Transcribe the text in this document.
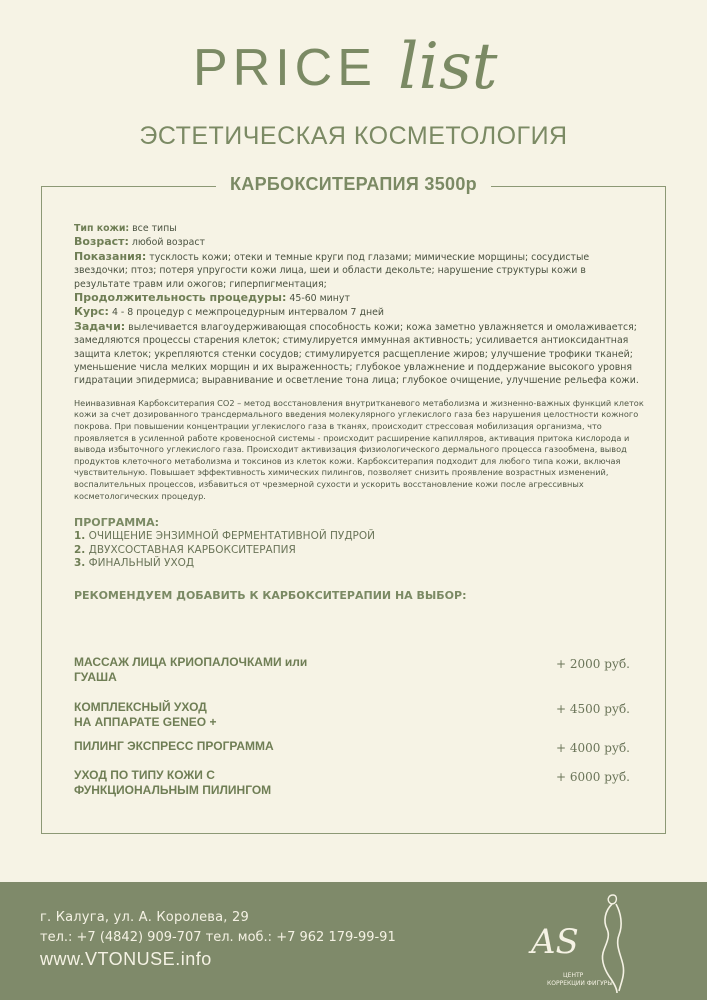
PRICE list
ЭСТЕТИЧЕСКАЯ КОСМЕТОЛОГИЯ
КАРБОКСИТЕРАПИЯ 3500р

Тип кожи: все типы

Возраст: любой возраст

Показания: тусклость кожи; отеки и темные круги под глазами; мимические морщины; сосудистые звездочки; птоз; потеря упругости кожи лица, шеи и области декольте; нарушение структуры кожи в результате травм или ожогов; гиперпигментация;

Продолжительность процедуры: 45-60 минут

Курс: 4 - 8 процедур с межпроцедурным интервалом 7 дней

Задачи: вылечивается влагоудерживающая способность кожи; кожа заметно увлажняется и омолаживается; замедляются процессы старения клеток; стимулируется иммунная активность; усиливается антиоксидантная защита клеток; укрепляются стенки сосудов; стимулируется расщепление жиров; улучшение трофики тканей; уменьшение числа мелких морщин и их выраженность; глубокое увлажнение и поддержание высокого уровня гидратации эпидермиса; выравнивание и осветление тона лица; глубокое очищение, улучшение рельефа кожи.

Неинвазивная Карбокситерапия CO2 – метод восстановления внутритканевого метаболизма и жизненно-важных функций клеток кожи за счет дозированного трансдермального введения молекулярного углекислого газа без нарушения целостности кожного покрова. При повышении концентрации углекислого газа в тканях, происходит стрессовая мобилизация организма, что проявляется в усиленной работе кровеносной системы - происходит расширение капилляров, активация притока кислорода и вывода избыточного углекислого газа. Происходит активизация физиологического дермального процесса газообмена, вывод продуктов клеточного метаболизма и токсинов из клеток кожи. Карбокситерапия подходит для любого типа кожи, включая чувствительную. Повышает эффективность химических пилингов, позволяет снизить проявление возрастных изменений, воспалительных процессов, избавиться от чрезмерной сухости и ускорить восстановление кожи после агрессивных косметологических процедур.

ПРОГРАММА:
1. ОЧИЩЕНИЕ ЭНЗИМНОЙ ФЕРМЕНТАТИВНОЙ ПУДРОЙ
2. ДВУХСОСТАВНАЯ КАРБОКСИТЕРАПИЯ
3. ФИНАЛЬНЫЙ УХОД
РЕКОМЕНДУЕМ ДОБАВИТЬ К КАРБОКСИТЕРАПИИ НА ВЫБОР:
МАССАЖ ЛИЦА КРИОПАЛОЧКАМИ или
ГУАША
+ 2000 руб.
КОМПЛЕКСНЫЙ УХОД
НА АППАРАТЕ GENEO +
+ 4500 руб.
ПИЛИНГ ЭКСПРЕСС ПРОГРАММА	+ 4000 руб.
УХОД ПО ТИПУ КОЖИ С
ФУНКЦИОНАЛЬНЫМ ПИЛИНГОМ
+ 6000 руб.
г. Калуга, ул. А. Королева, 29
тел.: +7 (4842) 909-707 тел. моб.: +7 962 179-99-91
www.VTONUSE.info	AS
ЦЕНТР
КОРРЕКЦИИ ФИГУРЫ
